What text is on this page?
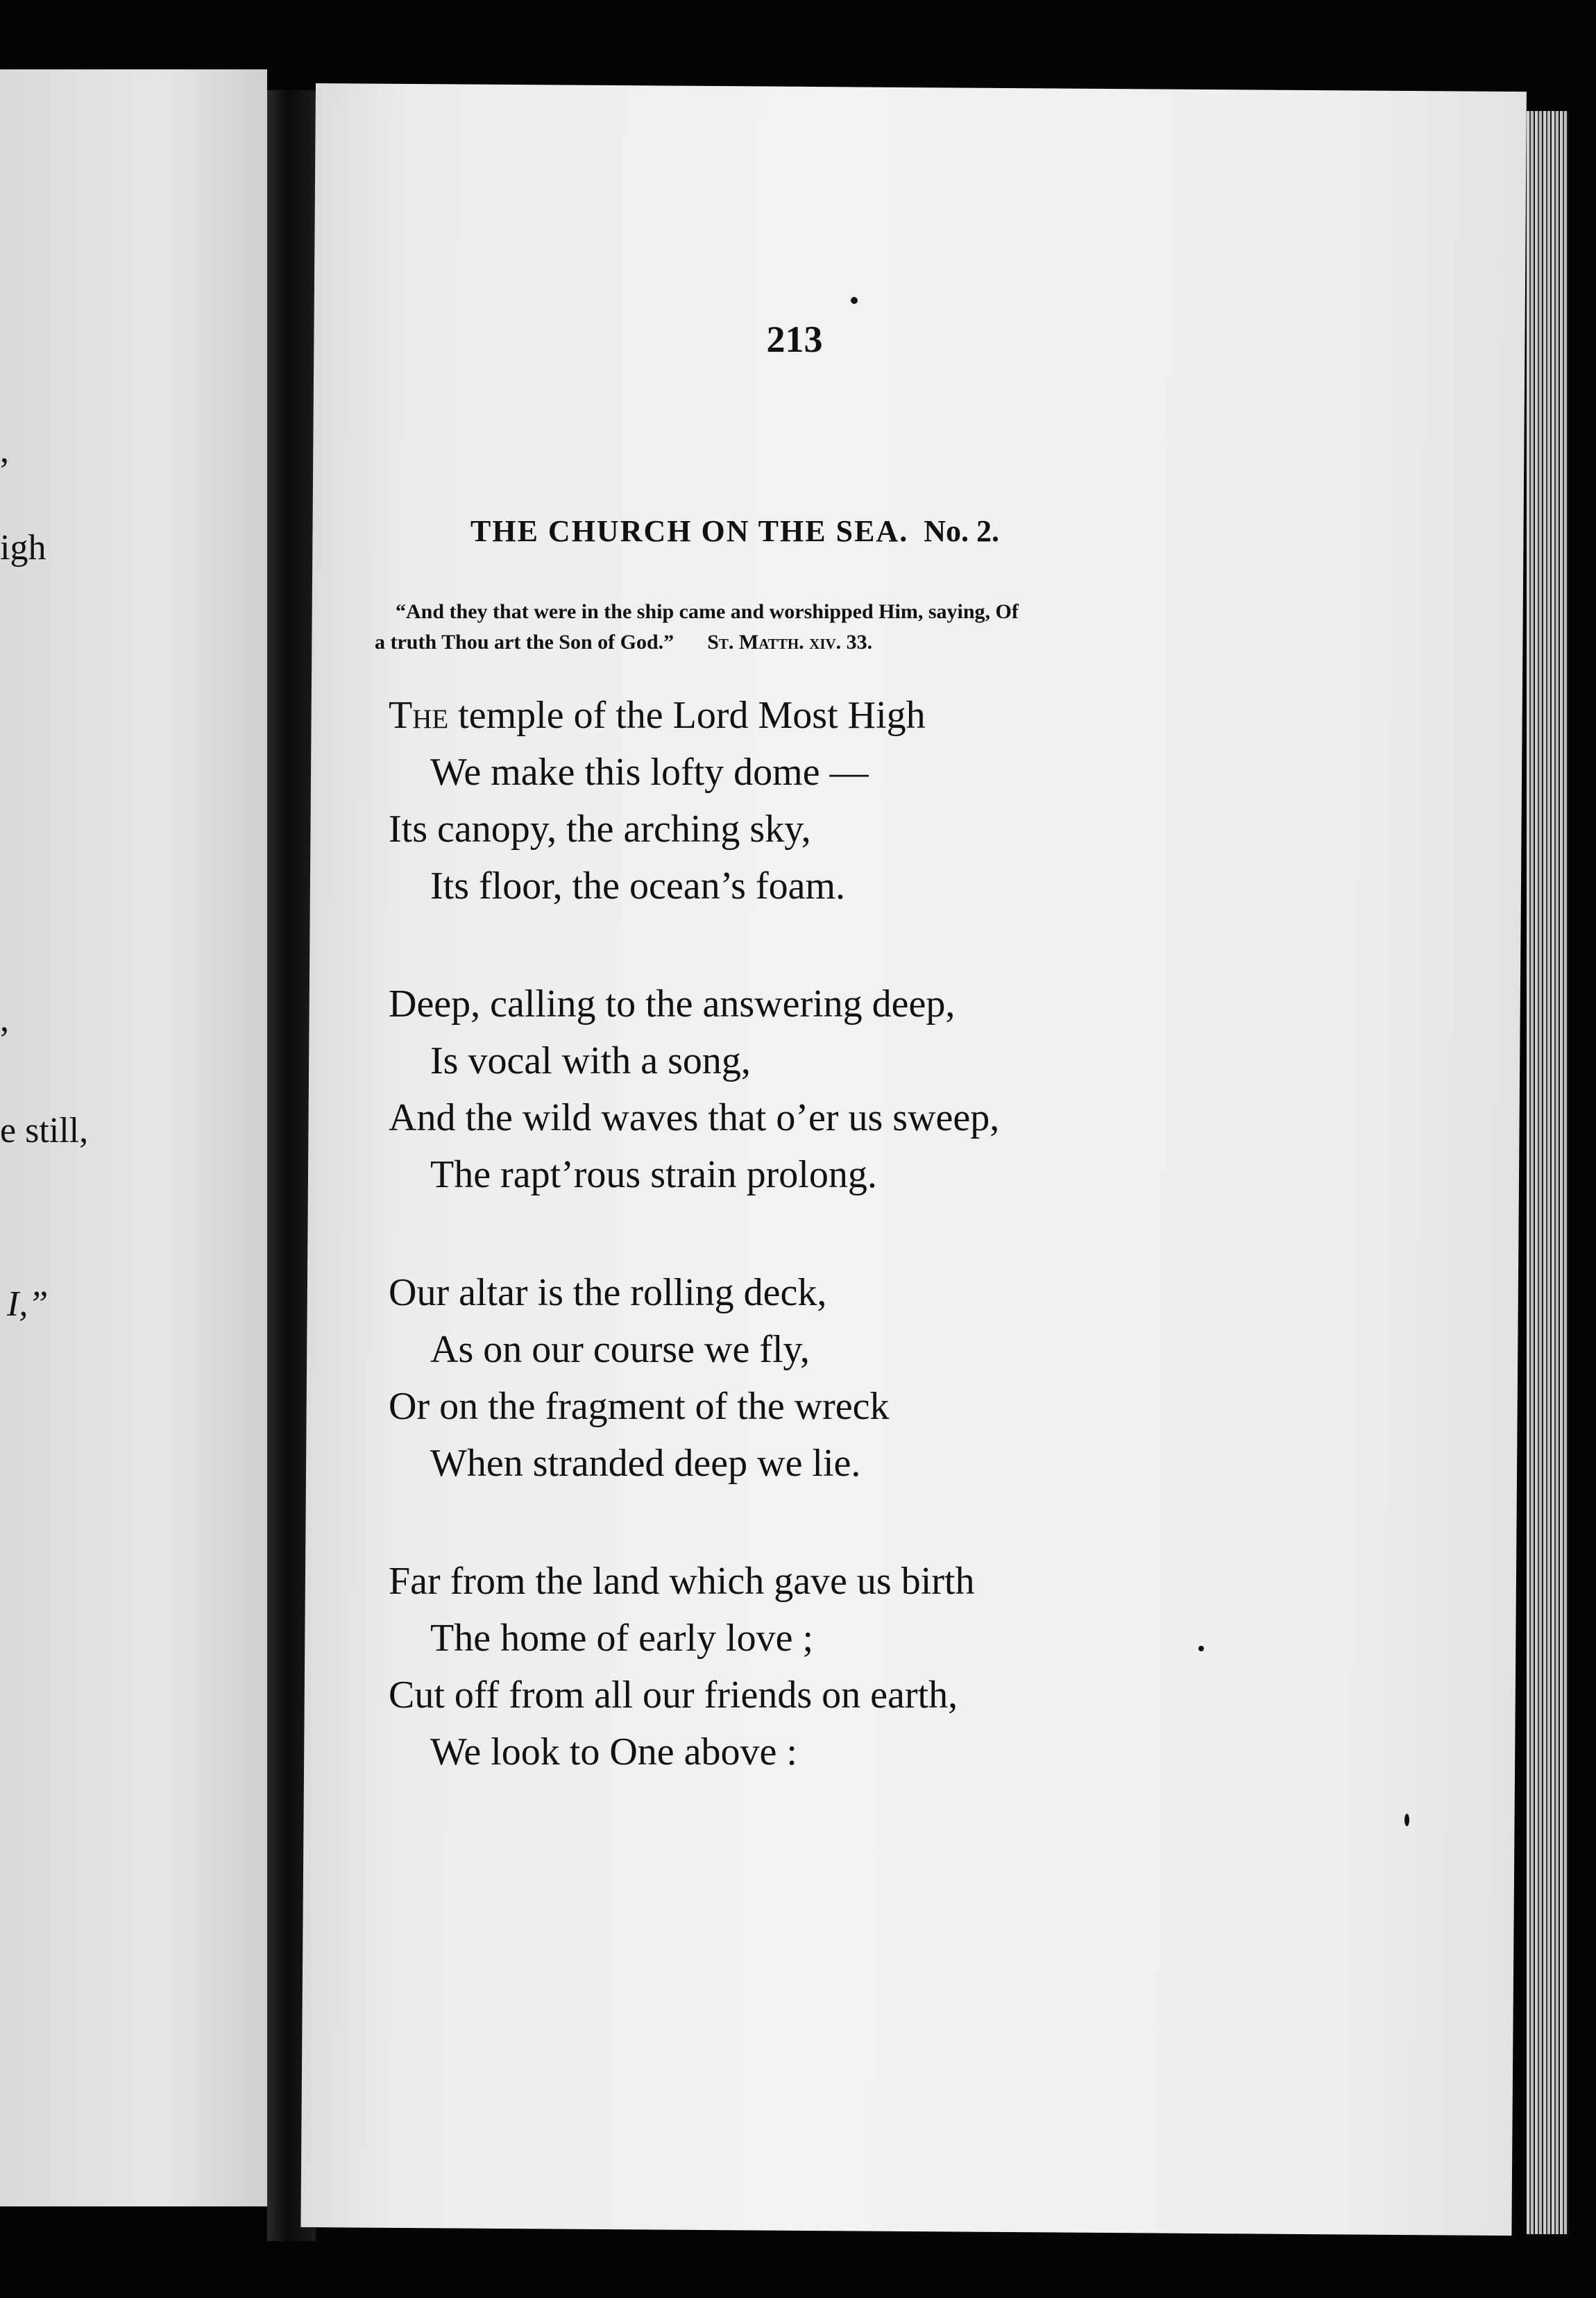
,
igh
,
e still,
I,”
213
THE CHURCH ON THE SEA. No. 2.
“And they that were in the ship came and worshipped Him, saying, Of
a truth Thou art the Son of God.” St. Matth. xiv. 33.
The temple of the Lord Most High
We make this lofty dome —
Its canopy, the arching sky,
Its floor, the ocean’s foam.
Deep, calling to the answering deep,
Is vocal with a song,
And the wild waves that o’er us sweep,
The rapt’rous strain prolong.
Our altar is the rolling deck,
As on our course we fly,
Or on the fragment of the wreck
When stranded deep we lie.
Far from the land which gave us birth
The home of early love ;
Cut off from all our friends on earth,
We look to One above :
